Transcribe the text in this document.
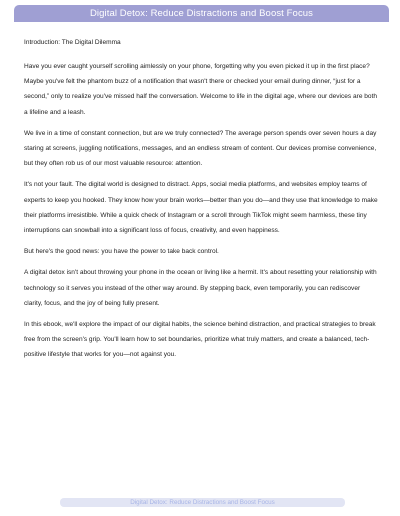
Digital Detox: Reduce Distractions and Boost Focus

Introduction: The Digital Dilemma

Have you ever caught yourself scrolling aimlessly on your phone, forgetting why you even picked it up in the first place? Maybe you've felt the phantom buzz of a notification that wasn't there or checked your email during dinner, “just for a second,” only to realize you've missed half the conversation. Welcome to life in the digital age, where our devices are both a lifeline and a leash.

We live in a time of constant connection, but are we truly connected? The average person spends over seven hours a day staring at screens, juggling notifications, messages, and an endless stream of content. Our devices promise convenience, but they often rob us of our most valuable resource: attention.

It's not your fault. The digital world is designed to distract. Apps, social media platforms, and websites employ teams of experts to keep you hooked. They know how your brain works—better than you do—and they use that knowledge to make their platforms irresistible. While a quick check of Instagram or a scroll through TikTok might seem harmless, these tiny interruptions can snowball into a significant loss of focus, creativity, and even happiness.

But here's the good news: you have the power to take back control.

A digital detox isn't about throwing your phone in the ocean or living like a hermit. It's about resetting your relationship with technology so it serves you instead of the other way around. By stepping back, even temporarily, you can rediscover clarity, focus, and the joy of being fully present.

In this ebook, we'll explore the impact of our digital habits, the science behind distraction, and practical strategies to break free from the screen's grip. You'll learn how to set boundaries, prioritize what truly matters, and create a balanced, tech-positive lifestyle that works for you—not against you.

Digital Detox: Reduce Distractions and Boost Focus
